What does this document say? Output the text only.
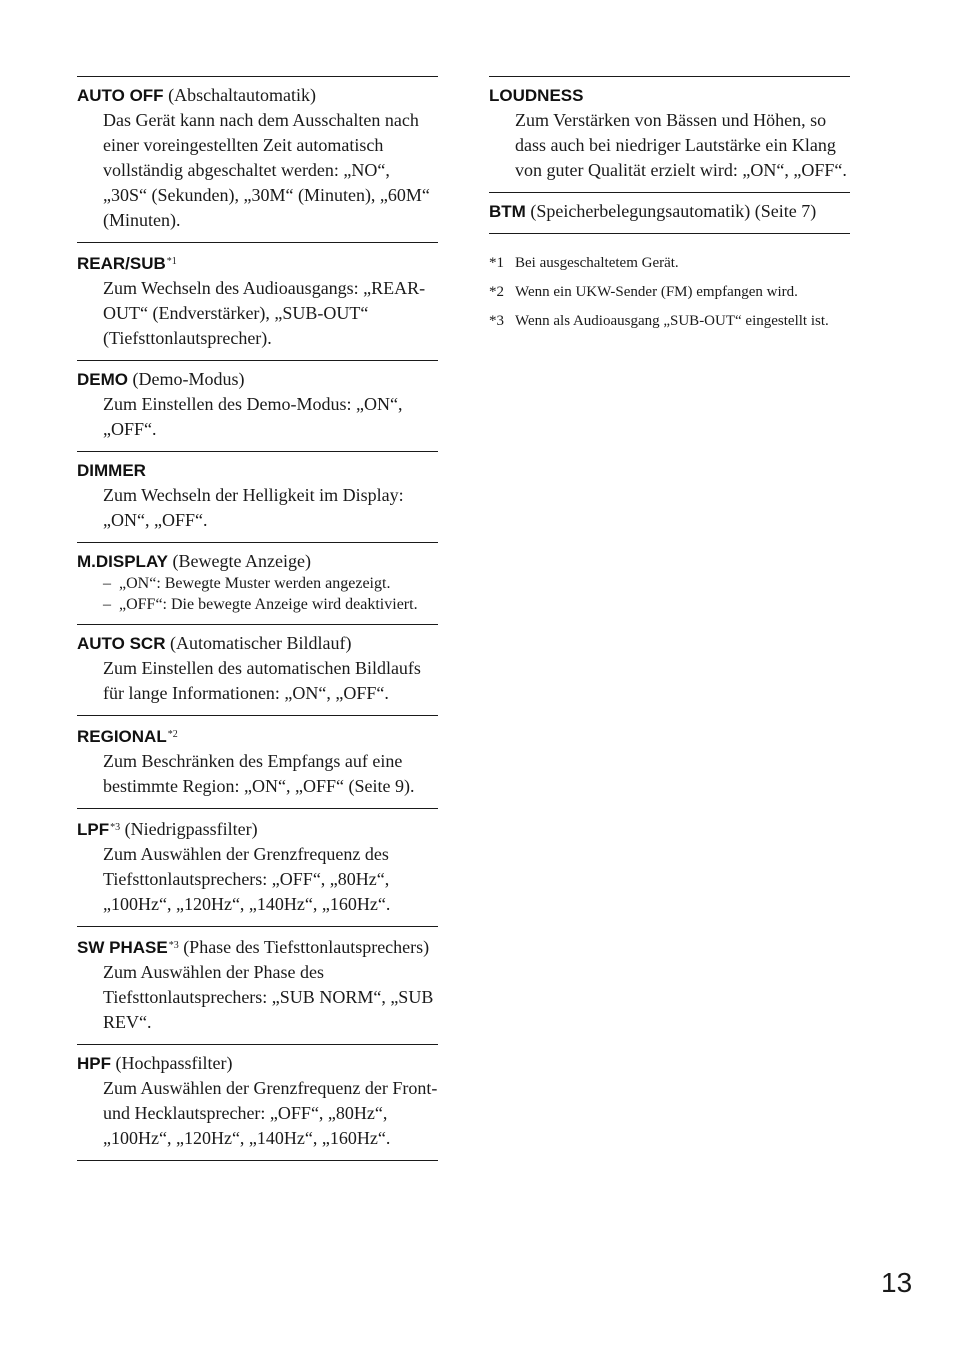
AUTO OFF (Abschaltautomatik)
Das Gerät kann nach dem Ausschalten nach einer voreingestellten Zeit automatisch vollständig abgeschaltet werden: „NO“, „30S“ (Sekunden), „30M“ (Minuten), „60M“ (Minuten).
REAR/SUB$^{*1}$
Zum Wechseln des Audioausgangs: „REAR-OUT“ (Endverstärker), „SUB-OUT“ (Tiefsttonlautsprecher).
DEMO (Demo-Modus)
Zum Einstellen des Demo-Modus: „ON“, „OFF“.
DIMMER
Zum Wechseln der Helligkeit im Display: „ON“, „OFF“.
M.DISPLAY (Bewegte Anzeige)
– „ON“: Bewegte Muster werden angezeigt.
– „OFF“: Die bewegte Anzeige wird deaktiviert.
AUTO SCR (Automatischer Bildlauf)
Zum Einstellen des automatischen Bildlaufs für lange Informationen: „ON“, „OFF“.
REGIONAL$^{*2}$
Zum Beschränken des Empfangs auf eine bestimmte Region: „ON“, „OFF“ (Seite 9).
LPF$^{*3}$ (Niedrigpassfilter)
Zum Auswählen der Grenzfrequenz des Tiefsttonlautsprechers: „OFF“, „80Hz“, „100Hz“, „120Hz“, „140Hz“, „160Hz“.
SW PHASE$^{*3}$ (Phase des Tiefsttonlautsprechers)
Zum Auswählen der Phase des Tiefsttonlautsprechers: „SUB NORM“, „SUB REV“.
HPF (Hochpassfilter)
Zum Auswählen der Grenzfrequenz der Front- und Hecklautsprecher: „OFF“, „80Hz“, „100Hz“, „120Hz“, „140Hz“, „160Hz“.
LOUDNESS
Zum Verstärken von Bässen und Höhen, so dass auch bei niedriger Lautstärke ein Klang von guter Qualität erzielt wird: „ON“, „OFF“.
BTM (Speicherbelegungsautomatik) (Seite 7)
*1 Bei ausgeschaltetem Gerät.
*2 Wenn ein UKW-Sender (FM) empfangen wird.
*3 Wenn als Audioausgang „SUB-OUT“ eingestellt ist.
13
